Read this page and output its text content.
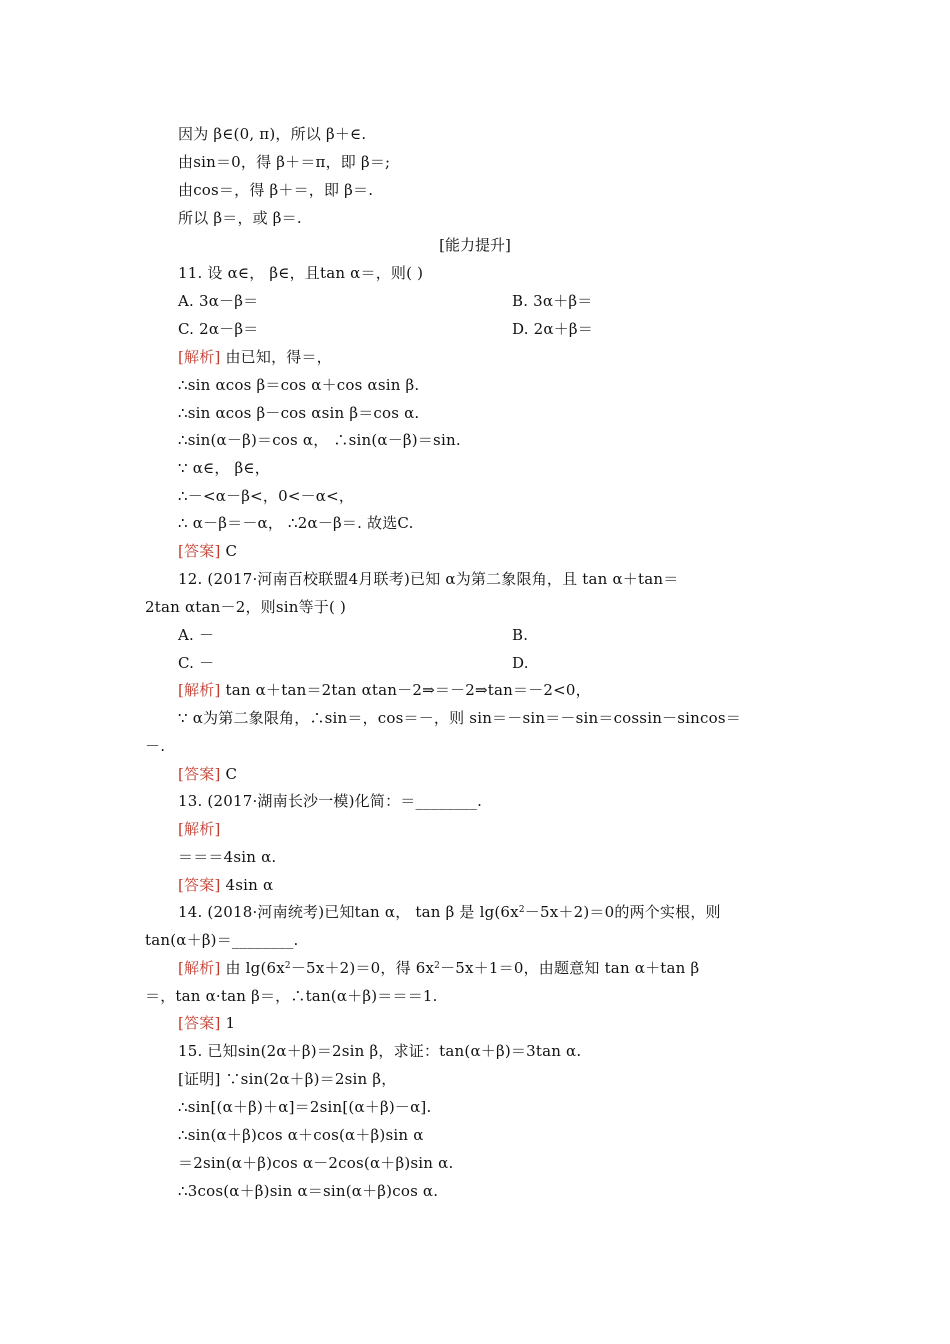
[能力提升]
因为 β∈(0, π)，所以 β＋∈.
由sin＝0，得 β＋＝π，即 β＝;
由cos＝，得 β＋＝，即 β＝.
所以 β＝，或 β＝.
11. 设 α∈， β∈，且tan α＝，则( )
A. 3α－β＝	B. 3α＋β＝
C. 2α－β＝	D. 2α＋β＝
[解析] 由已知，得＝，
∴sin αcos β＝cos α＋cos αsin β.
∴sin αcos β－cos αsin β＝cos α.
∴sin(α－β)＝cos α， ∴sin(α－β)＝sin.
∵ α∈， β∈，
∴－<α－β<，0<－α<，
∴ α－β＝－α， ∴2α－β＝. 故选C.
[答案] C
12. (2017·河南百校联盟4月联考)已知 α为第二象限角，且 tan α＋tan＝
2tan αtan－2，则sin等于( )
A. －	B.
C. －	D.
[解析] tan α＋tan＝2tan αtan－2⇒＝－2⇒tan＝－2<0，
∵ α为第二象限角，∴sin＝，cos＝－，则 sin＝－sin＝－sin＝cossin－sincos＝
－.
[答案] C
13. (2017·湖南长沙一模)化简：＝________.
[解析]
＝＝＝4sin α.
[答案] 4sin α
14. (2018·河南统考)已知tan α， tan β 是 $\lg(6x^2-5x+2)=0$的两个实根，则
tan(α＋β)＝________.
[解析] 由 $\lg(6x^2-5x+2)=0$，得 $6x^2-5x+1=0$，由题意知 tan α＋tan β
＝，tan α·tan β＝，∴tan(α＋β)＝＝＝1.
[答案] 1
15. 已知sin(2α＋β)＝2sin β，求证：tan(α＋β)＝3tan α.
[证明] ∵sin(2α＋β)＝2sin β，
∴sin[(α＋β)＋α]＝2sin[(α＋β)－α].
∴sin(α＋β)cos α＋cos(α＋β)sin α
＝2sin(α＋β)cos α－2cos(α＋β)sin α.
∴3cos(α＋β)sin α＝sin(α＋β)cos α.
